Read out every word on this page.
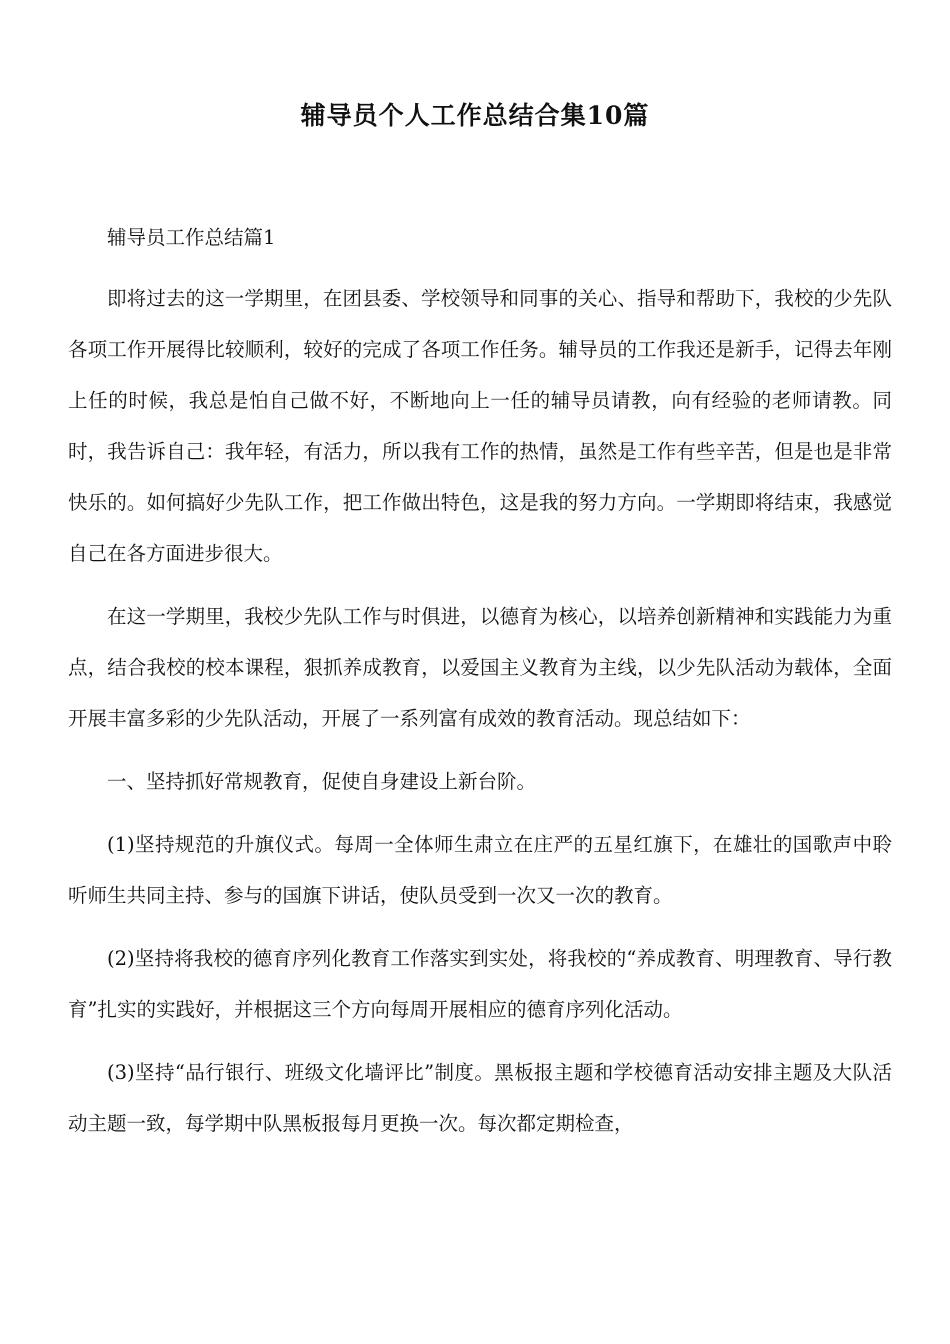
辅导员个人工作总结合集10篇

辅导员工作总结篇1

即将过去的这一学期里，在团县委、学校领导和同事的关心、指导和帮助下，我校的少先队各项工作开展得比较顺利，较好的完成了各项工作任务。辅导员的工作我还是新手，记得去年刚上任的时候，我总是怕自己做不好，不断地向上一任的辅导员请教，向有经验的老师请教。同时，我告诉自己：我年轻，有活力，所以我有工作的热情，虽然是工作有些辛苦，但是也是非常快乐的。如何搞好少先队工作，把工作做出特色，这是我的努力方向。一学期即将结束，我感觉自己在各方面进步很大。

在这一学期里，我校少先队工作与时俱进，以德育为核心，以培养创新精神和实践能力为重点，结合我校的校本课程，狠抓养成教育，以爱国主义教育为主线，以少先队活动为载体，全面开展丰富多彩的少先队活动，开展了一系列富有成效的教育活动。现总结如下：

一、坚持抓好常规教育，促使自身建设上新台阶。

(1)坚持规范的升旗仪式。每周一全体师生肃立在庄严的五星红旗下，在雄壮的国歌声中聆听师生共同主持、参与的国旗下讲话，使队员受到一次又一次的教育。

(2)坚持将我校的德育序列化教育工作落实到实处，将我校的“养成教育、明理教育、导行教育”扎实的实践好，并根据这三个方向每周开展相应的德育序列化活动。

(3)坚持“品行银行、班级文化墙评比”制度。黑板报主题和学校德育活动安排主题及大队活动主题一致，每学期中队黑板报每月更换一次。每次都定期检查，
